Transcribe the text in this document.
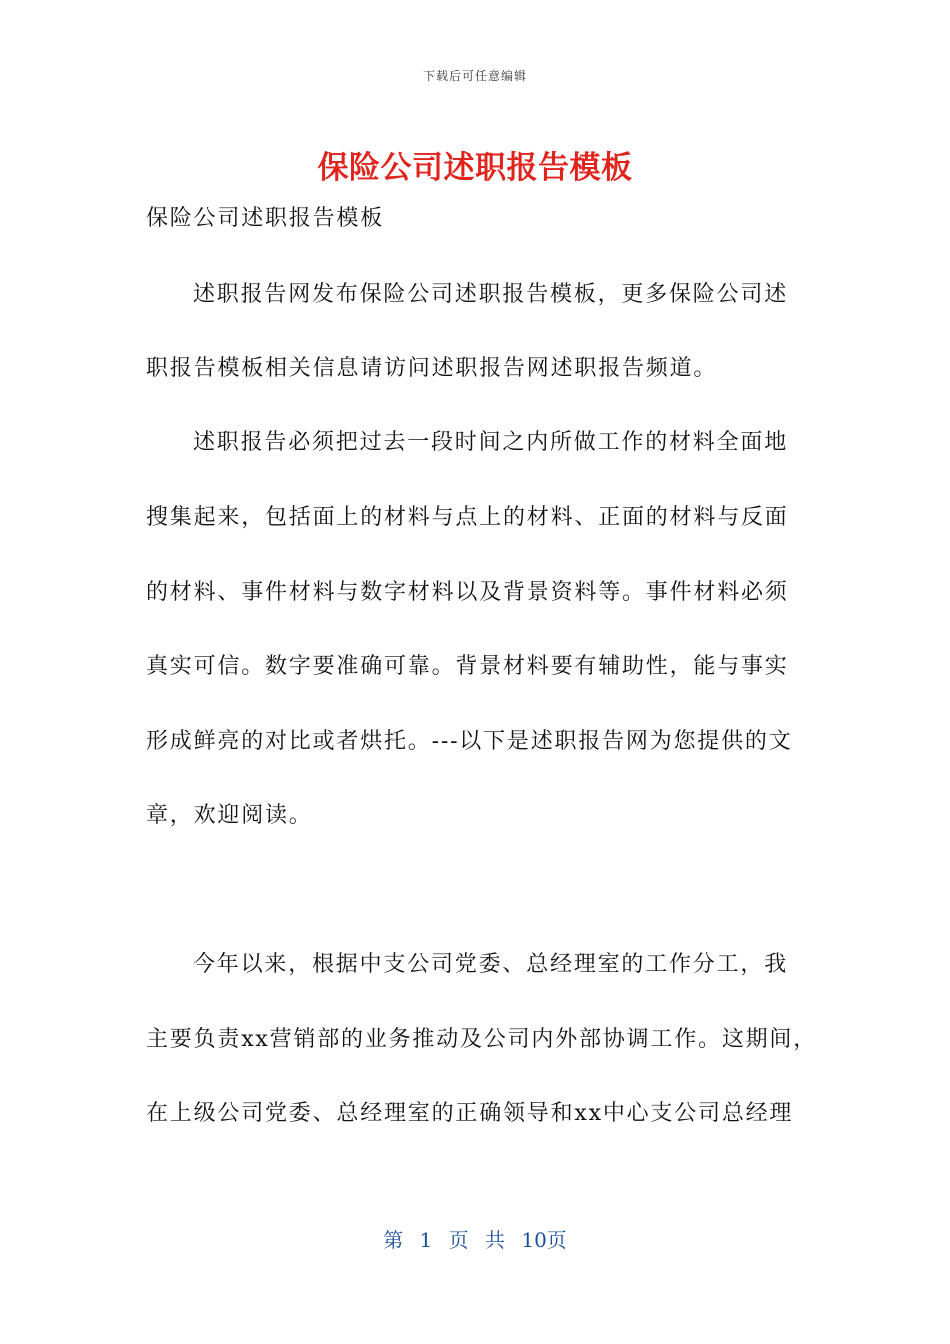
下载后可任意编辑
保险公司述职报告模板
保险公司述职报告模板
述职报告网发布保险公司述职报告模板，更多保险公司述
职报告模板相关信息请访问述职报告网述职报告频道。
述职报告必须把过去一段时间之内所做工作的材料全面地
搜集起来，包括面上的材料与点上的材料、正面的材料与反面
的材料、事件材料与数字材料以及背景资料等。事件材料必须
真实可信。数字要准确可靠。背景材料要有辅助性，能与事实
形成鲜亮的对比或者烘托。---以下是述职报告网为您提供的文
章，欢迎阅读。
今年以来，根据中支公司党委、总经理室的工作分工，我
主要负责xx营销部的业务推动及公司内外部协调工作。这期间，
在上级公司党委、总经理室的正确领导和xx中心支公司总经理
第 1 页 共 10页
